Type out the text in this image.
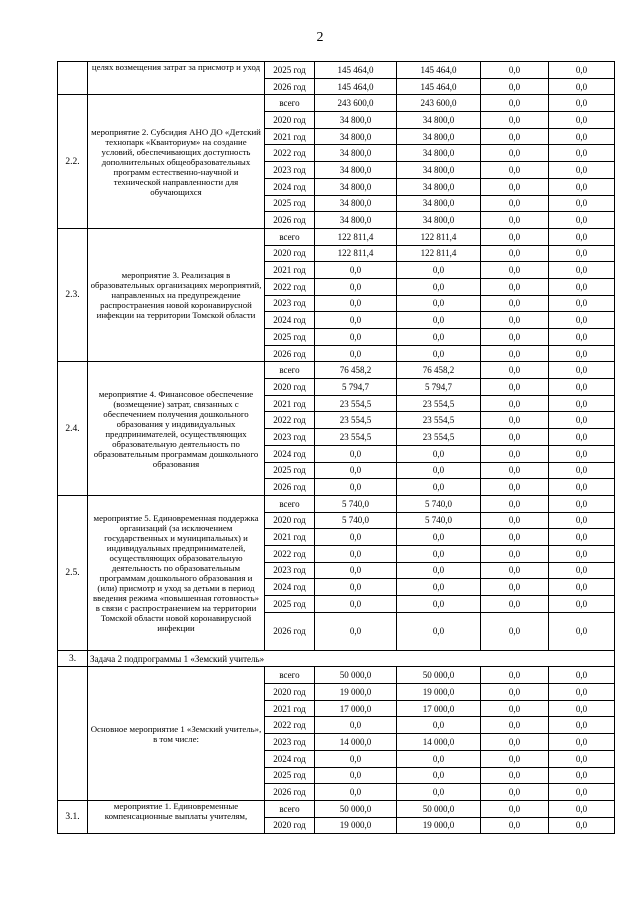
2
	целях возмещения затрат за присмотр и уход	2025 год	145 464,0	145 464,0	0,0	0,0
		2026 год	145 464,0	145 464,0	0,0	0,0
2.2.	мероприятие 2. Субсидия АНО ДО «Детский технопарк «Кванториум» на создание условий, обеспечивающих доступность дополнительных общеобразовательных программ естественно-научной и технической направленности для обучающихся	всего	243 600,0	243 600,0	0,0	0,0
		2020 год	34 800,0	34 800,0	0,0	0,0
		2021 год	34 800,0	34 800,0	0,0	0,0
		2022 год	34 800,0	34 800,0	0,0	0,0
		2023 год	34 800,0	34 800,0	0,0	0,0
		2024 год	34 800,0	34 800,0	0,0	0,0
		2025 год	34 800,0	34 800,0	0,0	0,0
		2026 год	34 800,0	34 800,0	0,0	0,0
2.3.	мероприятие 3. Реализация в образовательных организациях мероприятий, направленных на предупреждение распространения новой коронавирусной инфекции на территории Томской области	всего	122 811,4	122 811,4	0,0	0,0
		2020 год	122 811,4	122 811,4	0,0	0,0
		2021 год	0,0	0,0	0,0	0,0
		2022 год	0,0	0,0	0,0	0,0
		2023 год	0,0	0,0	0,0	0,0
		2024 год	0,0	0,0	0,0	0,0
		2025 год	0,0	0,0	0,0	0,0
		2026 год	0,0	0,0	0,0	0,0
2.4.	мероприятие 4. Финансовое обеспечение (возмещение) затрат, связанных с обеспечением получения дошкольного образования у индивидуальных предпринимателей, осуществляющих образовательную деятельность по образовательным программам дошкольного образования	всего	76 458,2	76 458,2	0,0	0,0
		2020 год	5 794,7	5 794,7	0,0	0,0
		2021 год	23 554,5	23 554,5	0,0	0,0
		2022 год	23 554,5	23 554,5	0,0	0,0
		2023 год	23 554,5	23 554,5	0,0	0,0
		2024 год	0,0	0,0	0,0	0,0
		2025 год	0,0	0,0	0,0	0,0
		2026 год	0,0	0,0	0,0	0,0
2.5.	мероприятие 5. Единовременная поддержка организаций (за исключением государственных и муниципальных) и индивидуальных предпринимателей, осуществляющих образовательную деятельность по образовательным программам дошкольного образования и (или) присмотр и уход за детьми в период введения режима «повышенная готовность» в связи с распространением на территории Томской области новой коронавирусной инфекции	всего	5 740,0	5 740,0	0,0	0,0
		2020 год	5 740,0	5 740,0	0,0	0,0
		2021 год	0,0	0,0	0,0	0,0
		2022 год	0,0	0,0	0,0	0,0
		2023 год	0,0	0,0	0,0	0,0
		2024 год	0,0	0,0	0,0	0,0
		2025 год	0,0	0,0	0,0	0,0
		2026 год	0,0	0,0	0,0	0,0
3.	Задача 2 подпрограммы 1 «Земский учитель»					
	Основное мероприятие 1 «Земский учитель», в том числе:	всего	50 000,0	50 000,0	0,0	0,0
		2020 год	19 000,0	19 000,0	0,0	0,0
		2021 год	17 000,0	17 000,0	0,0	0,0
		2022 год	0,0	0,0	0,0	0,0
		2023 год	14 000,0	14 000,0	0,0	0,0
		2024 год	0,0	0,0	0,0	0,0
		2025 год	0,0	0,0	0,0	0,0
		2026 год	0,0	0,0	0,0	0,0
3.1.	мероприятие 1. Единовременные компенсационные выплаты учителям,	всего	50 000,0	50 000,0	0,0	0,0
		2020 год	19 000,0	19 000,0	0,0	0,0
